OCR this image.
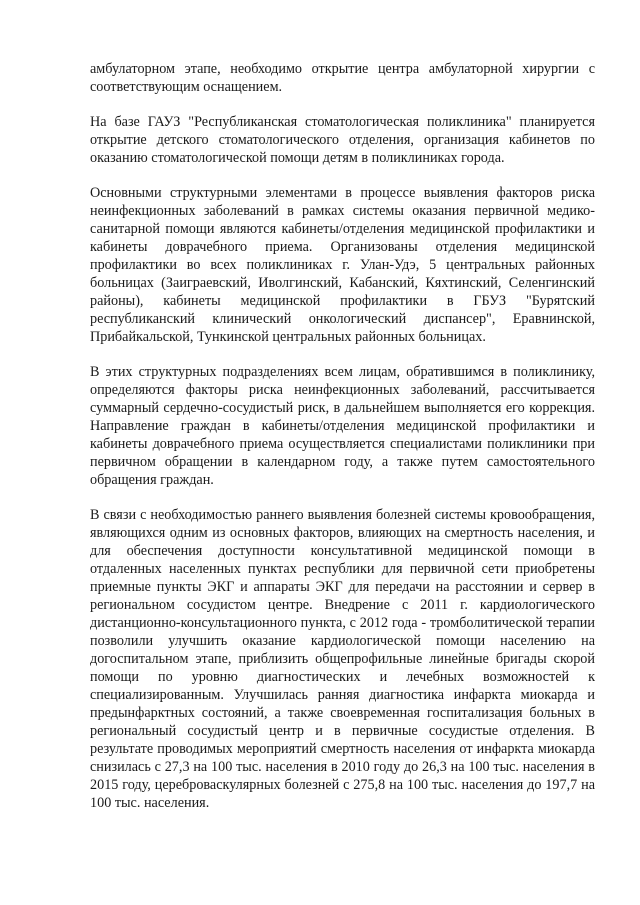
амбулаторном этапе, необходимо открытие центра амбулаторной хирургии с соответствующим оснащением.

На базе ГАУЗ "Республиканская стоматологическая поликлиника" планируется открытие детского стоматологического отделения, организация кабинетов по оказанию стоматологической помощи детям в поликлиниках города.

Основными структурными элементами в процессе выявления факторов риска неинфекционных заболеваний в рамках системы оказания первичной медико-санитарной помощи являются кабинеты/отделения медицинской профилактики и кабинеты доврачебного приема. Организованы отделения медицинской профилактики во всех поликлиниках г. Улан-Удэ, 5 центральных районных больницах (Заиграевский, Иволгинский, Кабанский, Кяхтинский, Селенгинский районы), кабинеты медицинской профилактики в ГБУЗ "Бурятский республиканский клинический онкологический диспансер", Еравнинской, Прибайкальской, Тункинской центральных районных больницах.

В этих структурных подразделениях всем лицам, обратившимся в поликлинику, определяются факторы риска неинфекционных заболеваний, рассчитывается суммарный сердечно-сосудистый риск, в дальнейшем выполняется его коррекция. Направление граждан в кабинеты/отделения медицинской профилактики и кабинеты доврачебного приема осуществляется специалистами поликлиники при первичном обращении в календарном году, а также путем самостоятельного обращения граждан.

В связи с необходимостью раннего выявления болезней системы кровообращения, являющихся одним из основных факторов, влияющих на смертность населения, и для обеспечения доступности консультативной медицинской помощи в отдаленных населенных пунктах республики для первичной сети приобретены приемные пункты ЭКГ и аппараты ЭКГ для передачи на расстоянии и сервер в региональном сосудистом центре. Внедрение с 2011 г. кардиологического дистанционно-консультационного пункта, с 2012 года - тромболитической терапии позволили улучшить оказание кардиологической помощи населению на догоспитальном этапе, приблизить общепрофильные линейные бригады скорой помощи по уровню диагностических и лечебных возможностей к специализированным. Улучшилась ранняя диагностика инфаркта миокарда и предынфарктных состояний, а также своевременная госпитализация больных в региональный сосудистый центр и в первичные сосудистые отделения. В результате проводимых мероприятий смертность населения от инфаркта миокарда снизилась с 27,3 на 100 тыс. населения в 2010 году до 26,3 на 100 тыс. населения в 2015 году, цереброваскулярных болезней с 275,8 на 100 тыс. населения до 197,7 на 100 тыс. населения.
